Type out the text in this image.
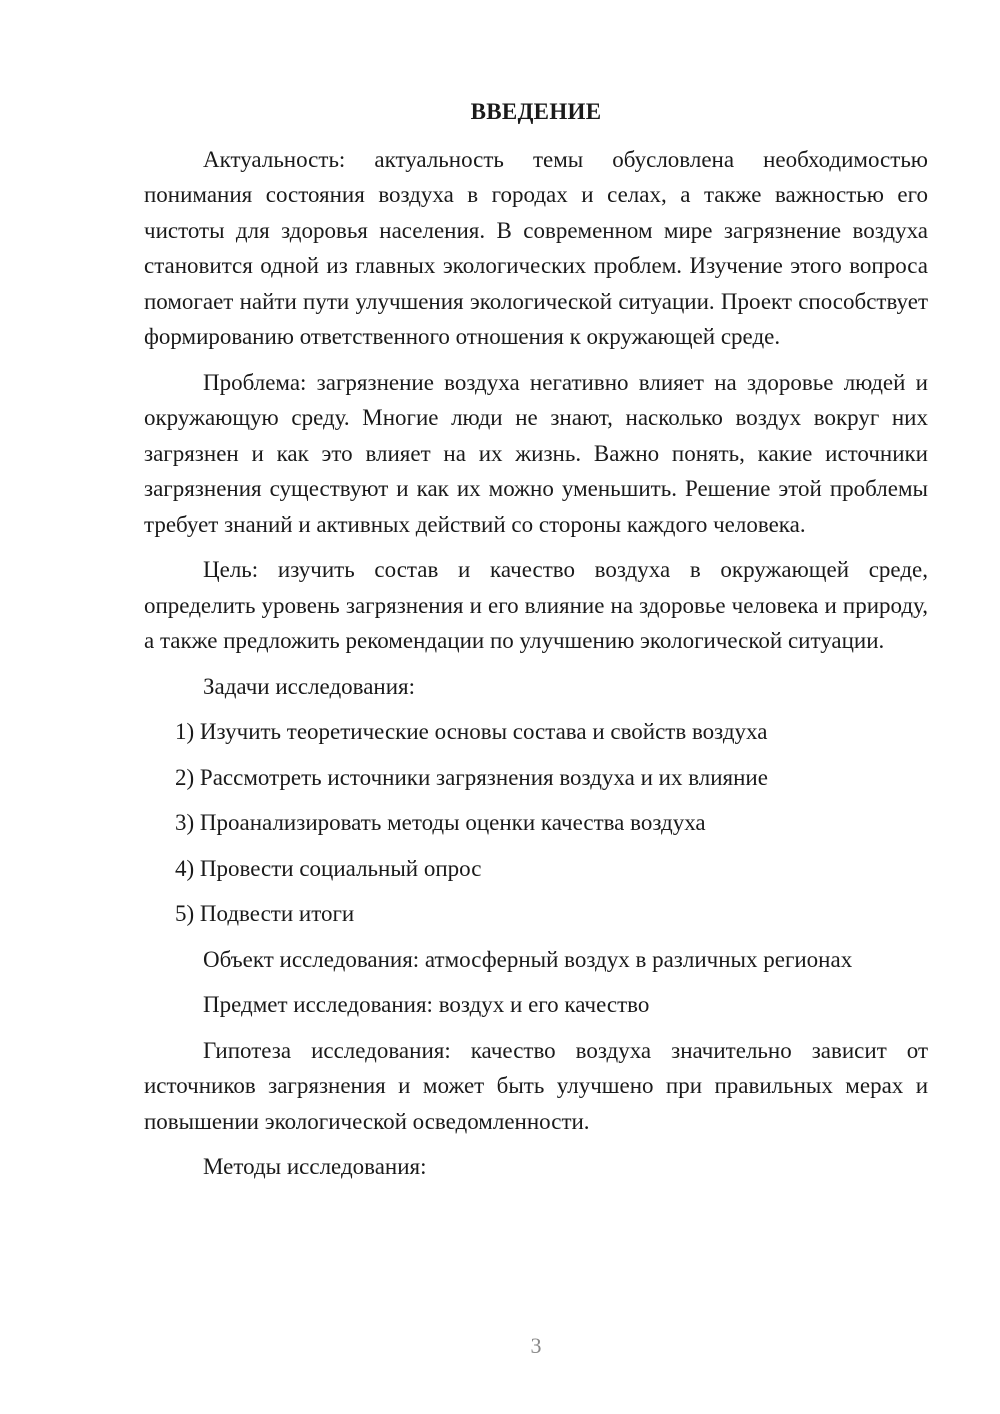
ВВЕДЕНИЕ

Актуальность: актуальность темы обусловлена необходимостью понимания состояния воздуха в городах и селах, а также важностью его чистоты для здоровья населения. В современном мире загрязнение воздуха становится одной из главных экологических проблем. Изучение этого вопроса помогает найти пути улучшения экологической ситуации. Проект способствует формированию ответственного отношения к окружающей среде.

Проблема: загрязнение воздуха негативно влияет на здоровье людей и окружающую среду. Многие люди не знают, насколько воздух вокруг них загрязнен и как это влияет на их жизнь. Важно понять, какие источники загрязнения существуют и как их можно уменьшить. Решение этой проблемы требует знаний и активных действий со стороны каждого человека.

Цель: изучить состав и качество воздуха в окружающей среде, определить уровень загрязнения и его влияние на здоровье человека и природу, а также предложить рекомендации по улучшению экологической ситуации.

Задачи исследования:
1) Изучить теоретические основы состава и свойств воздуха
2) Рассмотреть источники загрязнения воздуха и их влияние
3) Проанализировать методы оценки качества воздуха
4) Провести социальный опрос
5) Подвести итоги
Объект исследования: атмосферный воздух в различных регионах
Предмет исследования: воздух и его качество

Гипотеза исследования: качество воздуха значительно зависит от источников загрязнения и может быть улучшено при правильных мерах и повышении экологической осведомленности.

Методы исследования:
3
